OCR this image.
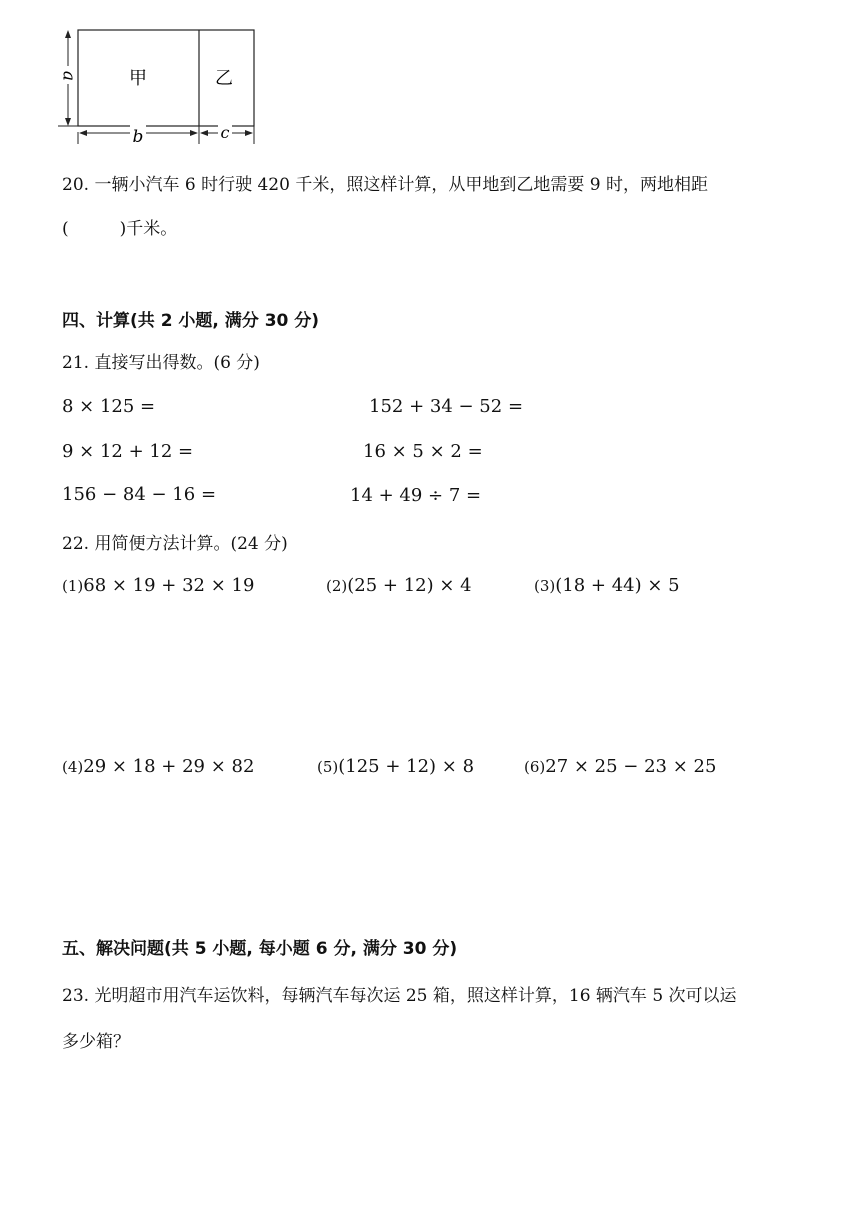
甲	乙
a
b	c
20. 一辆小汽车 6 时行驶 420 千米，照这样计算，从甲地到乙地需要 9 时，两地相距
(　　　)千米。
四、计算(共 2 小题, 满分 30 分)
21. 直接写出得数。(6 分)
8 × 125 =	152 + 34 − 52 =
9 × 12 + 12 =	16 × 5 × 2 =
156 − 84 − 16 =	14 + 49 ÷ 7 =
22. 用简便方法计算。(24 分)
(1)68 × 19 + 32 × 19	(2)(25 + 12) × 4	(3)(18 + 44) × 5
(4)29 × 18 + 29 × 82	(5)(125 + 12) × 8	(6)27 × 25 − 23 × 25
五、解决问题(共 5 小题, 每小题 6 分, 满分 30 分)
23. 光明超市用汽车运饮料，每辆汽车每次运 25 箱，照这样计算，16 辆汽车 5 次可以运
多少箱？
